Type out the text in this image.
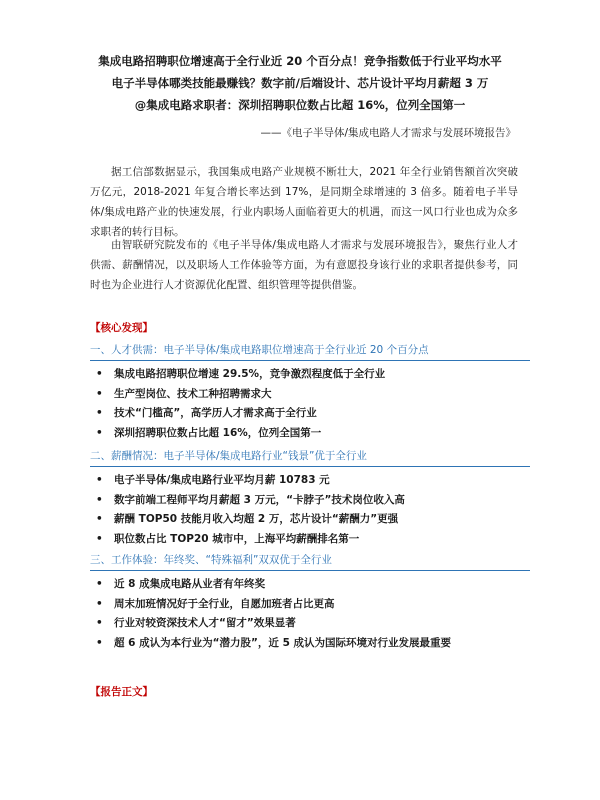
集成电路招聘职位增速高于全行业近 20 个百分点！竞争指数低于行业平均水平
电子半导体哪类技能最赚钱？数字前/后端设计、芯片设计平均月薪超 3 万
@集成电路求职者：深圳招聘职位数占比超 16%，位列全国第一
——《电子半导体/集成电路人才需求与发展环境报告》

据工信部数据显示，我国集成电路产业规模不断壮大，2021 年全行业销售额首次突破万亿元，2018-2021 年复合增长率达到 17%，是同期全球增速的 3 倍多。随着电子半导体/集成电路产业的快速发展，行业内职场人面临着更大的机遇，而这一风口行业也成为众多求职者的转行目标。

由智联研究院发布的《电子半导体/集成电路人才需求与发展环境报告》，聚焦行业人才供需、薪酬情况，以及职场人工作体验等方面，为有意愿投身该行业的求职者提供参考，同时也为企业进行人才资源优化配置、组织管理等提供借鉴。

【核心发现】
一、人才供需：电子半导体/集成电路职位增速高于全行业近 20 个百分点
• 集成电路招聘职位增速 29.5%，竞争激烈程度低于全行业
• 生产型岗位、技术工种招聘需求大
• 技术“门槛高”，高学历人才需求高于全行业
• 深圳招聘职位数占比超 16%，位列全国第一
二、薪酬情况：电子半导体/集成电路行业“钱景”优于全行业
• 电子半导体/集成电路行业平均月薪 10783 元
• 数字前端工程师平均月薪超 3 万元，“卡脖子”技术岗位收入高
• 薪酬 TOP50 技能月收入均超 2 万，芯片设计“薪酬力”更强
• 职位数占比 TOP20 城市中，上海平均薪酬排名第一
三、工作体验：年终奖、“特殊福利”双双优于全行业
• 近 8 成集成电路从业者有年终奖
• 周末加班情况好于全行业，自愿加班者占比更高
• 行业对较资深技术人才“留才”效果显著
• 超 6 成认为本行业为“潜力股”，近 5 成认为国际环境对行业发展最重要
【报告正文】
